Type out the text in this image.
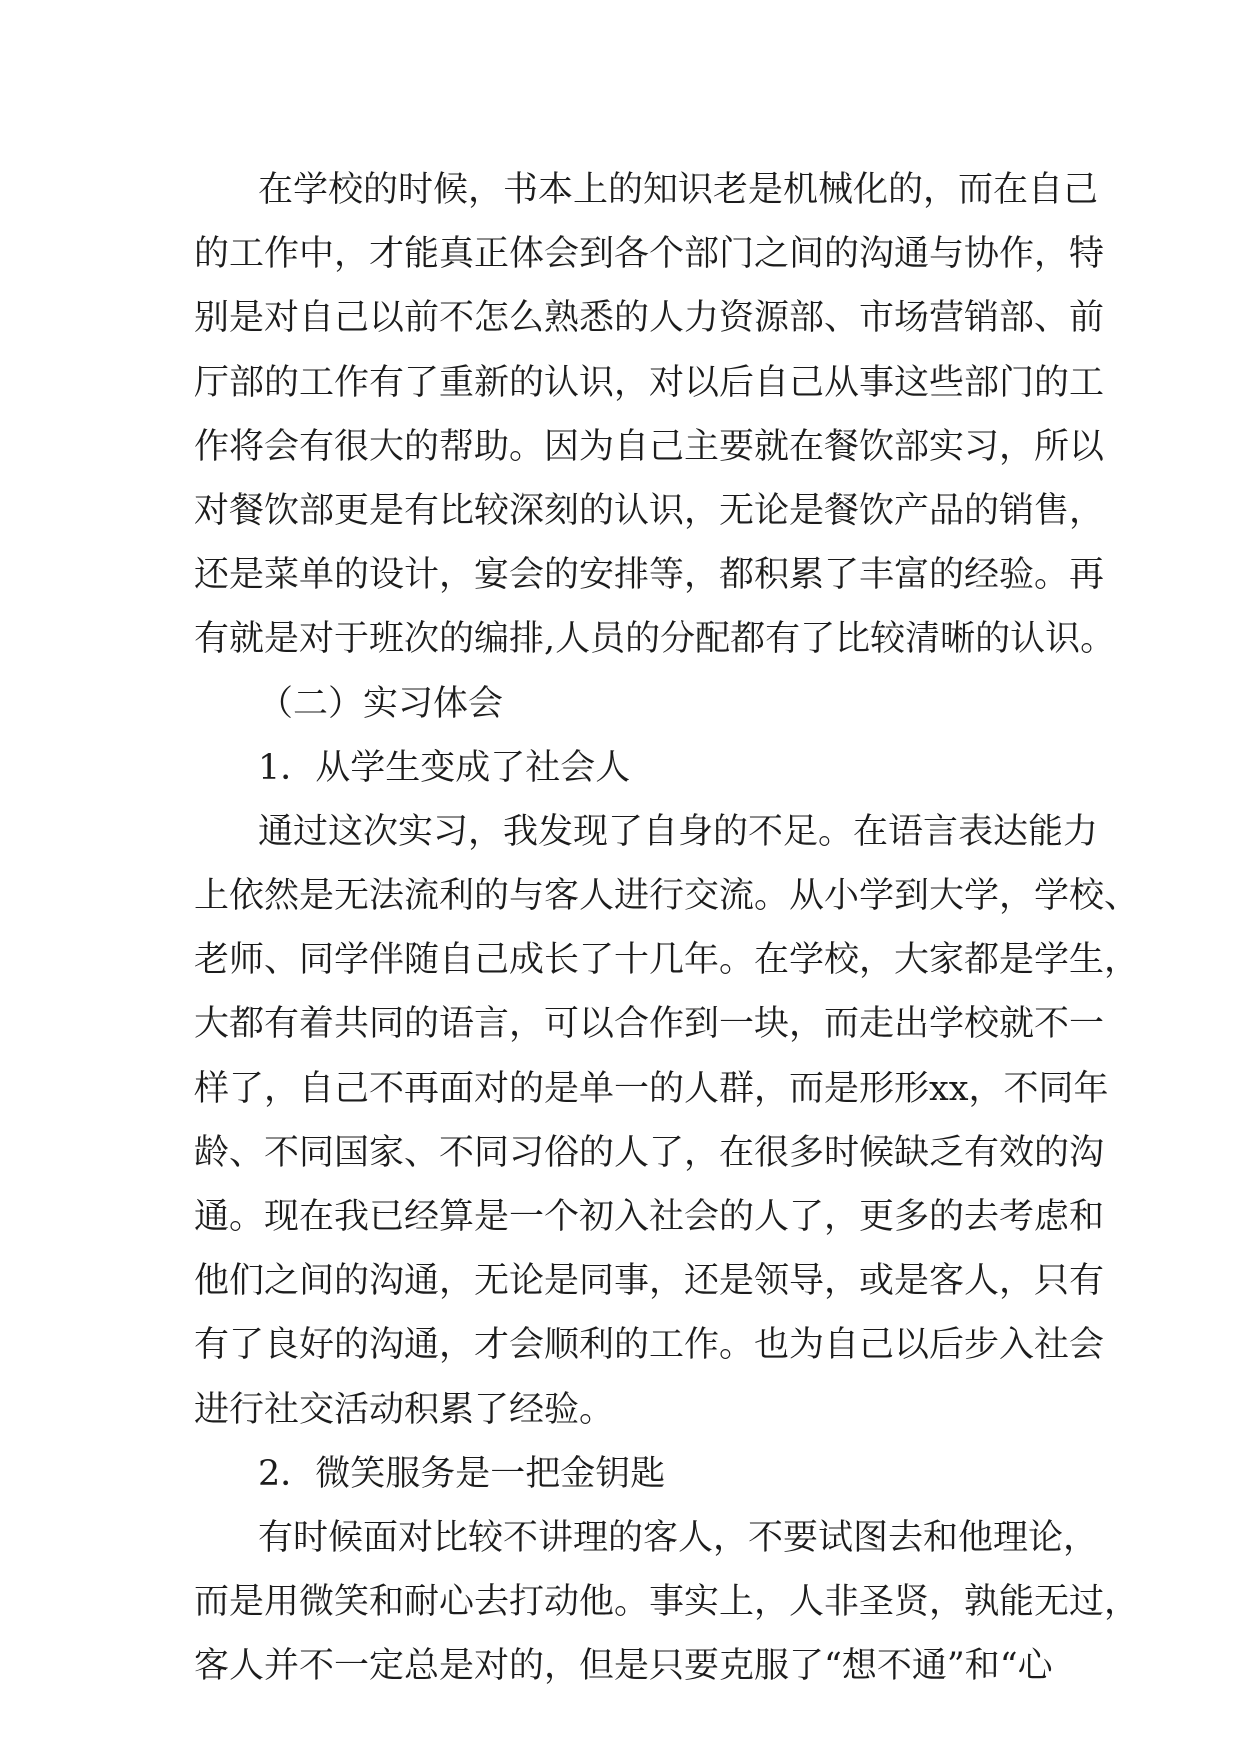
在学校的时候，书本上的知识老是机械化的，而在自己
的工作中，才能真正体会到各个部门之间的沟通与协作，特
别是对自己以前不怎么熟悉的人力资源部、市场营销部、前
厅部的工作有了重新的认识，对以后自己从事这些部门的工
作将会有很大的帮助。因为自己主要就在餐饮部实习，所以
对餐饮部更是有比较深刻的认识，无论是餐饮产品的销售，
还是菜单的设计，宴会的安排等，都积累了丰富的经验。再
有就是对于班次的编排,人员的分配都有了比较清晰的认识。
（二）实习体会
1．从学生变成了社会人
通过这次实习，我发现了自身的不足。在语言表达能力
上依然是无法流利的与客人进行交流。从小学到大学，学校、
老师、同学伴随自己成长了十几年。在学校，大家都是学生，
大都有着共同的语言，可以合作到一块，而走出学校就不一
样了，自己不再面对的是单一的人群，而是形形xx，不同年
龄、不同国家、不同习俗的人了，在很多时候缺乏有效的沟
通。现在我已经算是一个初入社会的人了，更多的去考虑和
他们之间的沟通，无论是同事，还是领导，或是客人，只有
有了良好的沟通，才会顺利的工作。也为自己以后步入社会
进行社交活动积累了经验。
2．微笑服务是一把金钥匙
有时候面对比较不讲理的客人，不要试图去和他理论，
而是用微笑和耐心去打动他。事实上，人非圣贤，孰能无过，
客人并不一定总是对的，但是只要克服了“想不通”和“心
